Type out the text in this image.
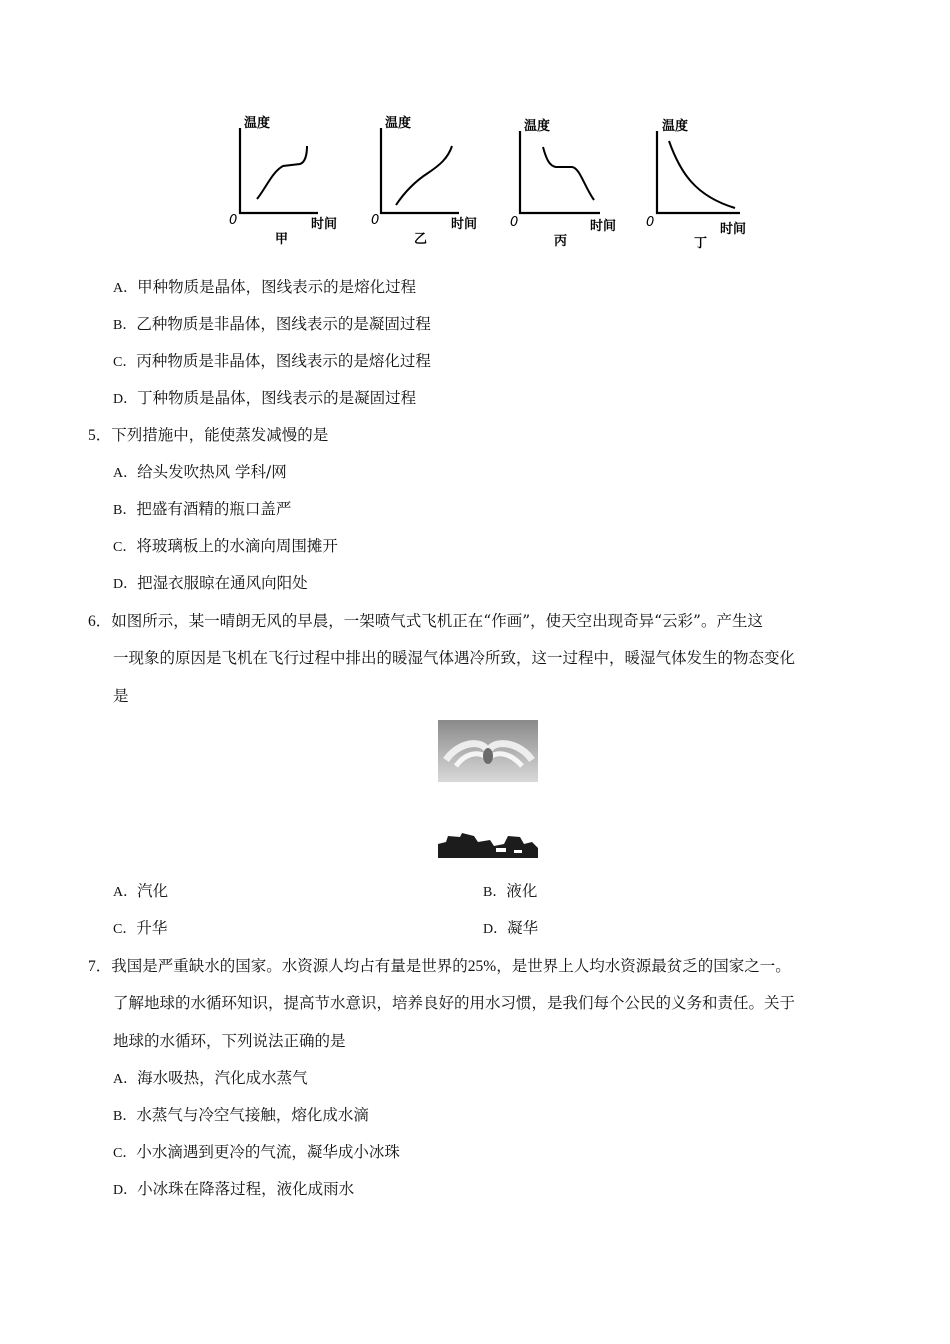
温度
0	时间
甲
温度
0	时间
乙
温度
0	时间
丙
温度
0	时间
丁
A．甲种物质是晶体，图线表示的是熔化过程
B．乙种物质是非晶体，图线表示的是凝固过程
C．丙种物质是非晶体，图线表示的是熔化过程
D．丁种物质是晶体，图线表示的是凝固过程
5．下列措施中，能使蒸发减慢的是
A．给头发吹热风 学科/网
B．把盛有酒精的瓶口盖严
C．将玻璃板上的水滴向周围摊开
D．把湿衣服晾在通风向阳处
6．如图所示，某一晴朗无风的早晨，一架喷气式飞机正在“作画”，使天空出现奇异“云彩”。产生这
一现象的原因是飞机在飞行过程中排出的暖湿气体遇冷所致，这一过程中，暖湿气体发生的物态变化
是
A．汽化	B．液化
C．升华	D．凝华
7．我国是严重缺水的国家。水资源人均占有量是世界的25%，是世界上人均水资源最贫乏的国家之一。
了解地球的水循环知识，提高节水意识，培养良好的用水习惯，是我们每个公民的义务和责任。关于
地球的水循环，下列说法正确的是
A．海水吸热，汽化成水蒸气
B．水蒸气与冷空气接触，熔化成水滴
C．小水滴遇到更冷的气流，凝华成小冰珠
D．小冰珠在降落过程，液化成雨水
